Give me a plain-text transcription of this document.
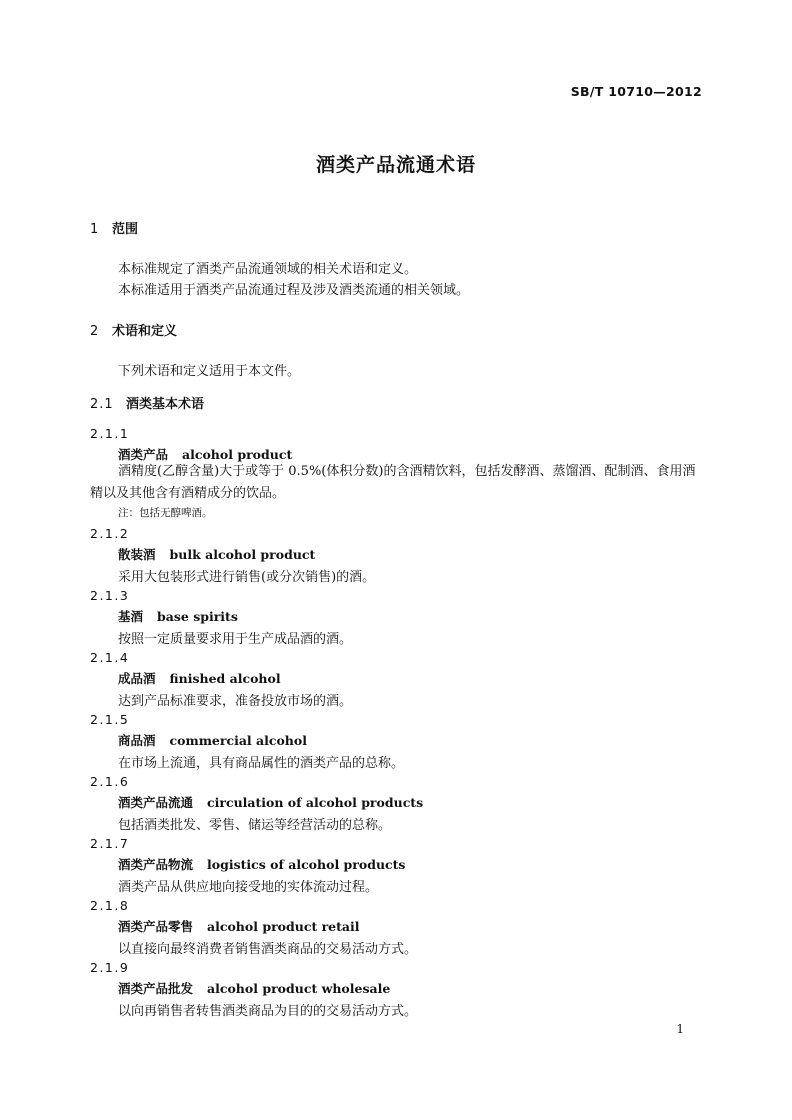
SB/T 10710—2012
酒类产品流通术语
1 范围
本标准规定了酒类产品流通领域的相关术语和定义。
本标准适用于酒类产品流通过程及涉及酒类流通的相关领域。
2 术语和定义
下列术语和定义适用于本文件。
2.1 酒类基本术语
2.1.1
酒类产品 alcohol product
酒精度(乙醇含量)大于或等于 0.5%(体积分数)的含酒精饮料，包括发酵酒、蒸馏酒、配制酒、食用酒精以及其他含有酒精成分的饮品。
注：包括无醇啤酒。
2.1.2
散装酒 bulk alcohol product
采用大包装形式进行销售(或分次销售)的酒。
2.1.3
基酒 base spirits
按照一定质量要求用于生产成品酒的酒。
2.1.4
成品酒 finished alcohol
达到产品标准要求，准备投放市场的酒。
2.1.5
商品酒 commercial alcohol
在市场上流通，具有商品属性的酒类产品的总称。
2.1.6
酒类产品流通 circulation of alcohol products
包括酒类批发、零售、储运等经营活动的总称。
2.1.7
酒类产品物流 logistics of alcohol products
酒类产品从供应地向接受地的实体流动过程。
2.1.8
酒类产品零售 alcohol product retail
以直接向最终消费者销售酒类商品的交易活动方式。
2.1.9
酒类产品批发 alcohol product wholesale
以向再销售者转售酒类商品为目的的交易活动方式。
1
